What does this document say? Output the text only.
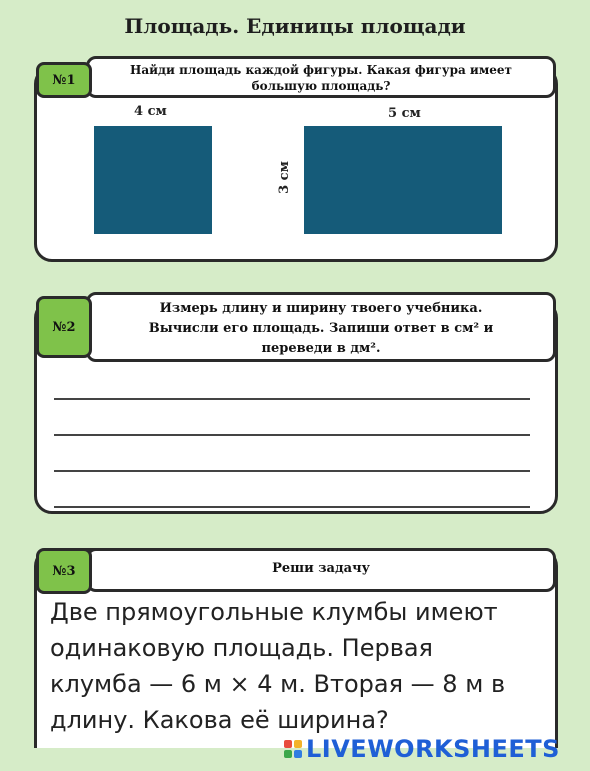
Площадь. Единицы площади
Найди площадь каждой фигуры. Какая фигура имеет большую площадь?
№1
4 см	5 см
3 см
Измерь длину и ширину твоего учебника. Вычисли его площадь. Запиши ответ в см² и переведи в дм².
№2
Реши задачу
№3
Две прямоугольные клумбы имеют
одинаковую площадь. Первая
клумба — 6 м × 4 м. Вторая — 8 м в
длину. Какова её ширина?
LIVEWORKSHEETS
